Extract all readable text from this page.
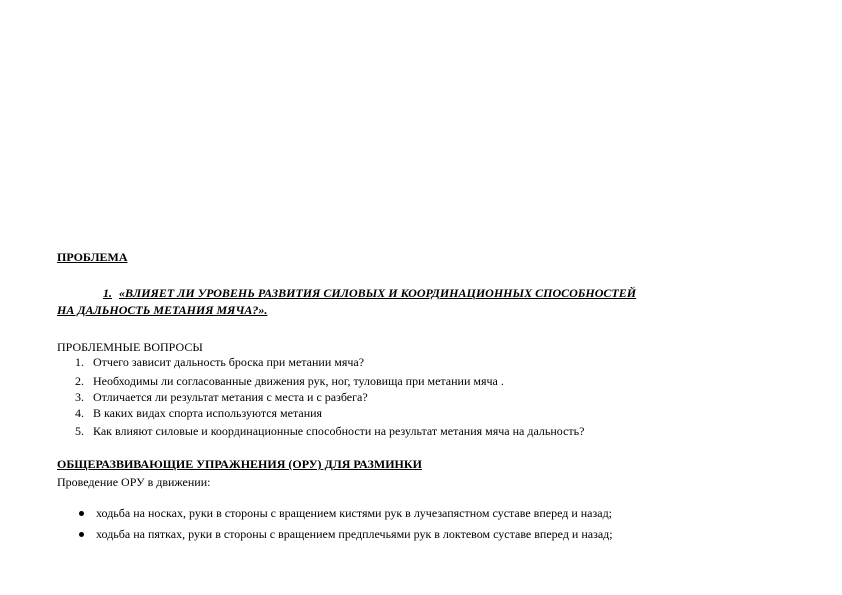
ПРОБЛЕМА
1. «ВЛИЯЕТ ЛИ УРОВЕНЬ РАЗВИТИЯ СИЛОВЫХ И КООРДИНАЦИОННЫХ СПОСОБНОСТЕЙ
НА ДАЛЬНОСТЬ МЕТАНИЯ МЯЧА?».
ПРОБЛЕМНЫЕ ВОПРОСЫ
1. Отчего зависит дальность броска при метании мяча?
2. Необходимы ли согласованные движения рук, ног, туловища при метании мяча .
3. Отличается ли результат метания с места и с разбега?
4. В каких видах спорта используются метания
5. Как влияют силовые и координационные способности на результат метания мяча на дальность?
ОБЩЕРАЗВИВАЮЩИЕ УПРАЖНЕНИЯ (ОРУ) ДЛЯ РАЗМИНКИ
Проведение ОРУ в движении:
ходьба на носках, руки в стороны с вращением кистями рук в лучезапястном суставе вперед и назад;
ходьба на пятках, руки в стороны с вращением предплечьями рук в локтевом суставе вперед и назад;
